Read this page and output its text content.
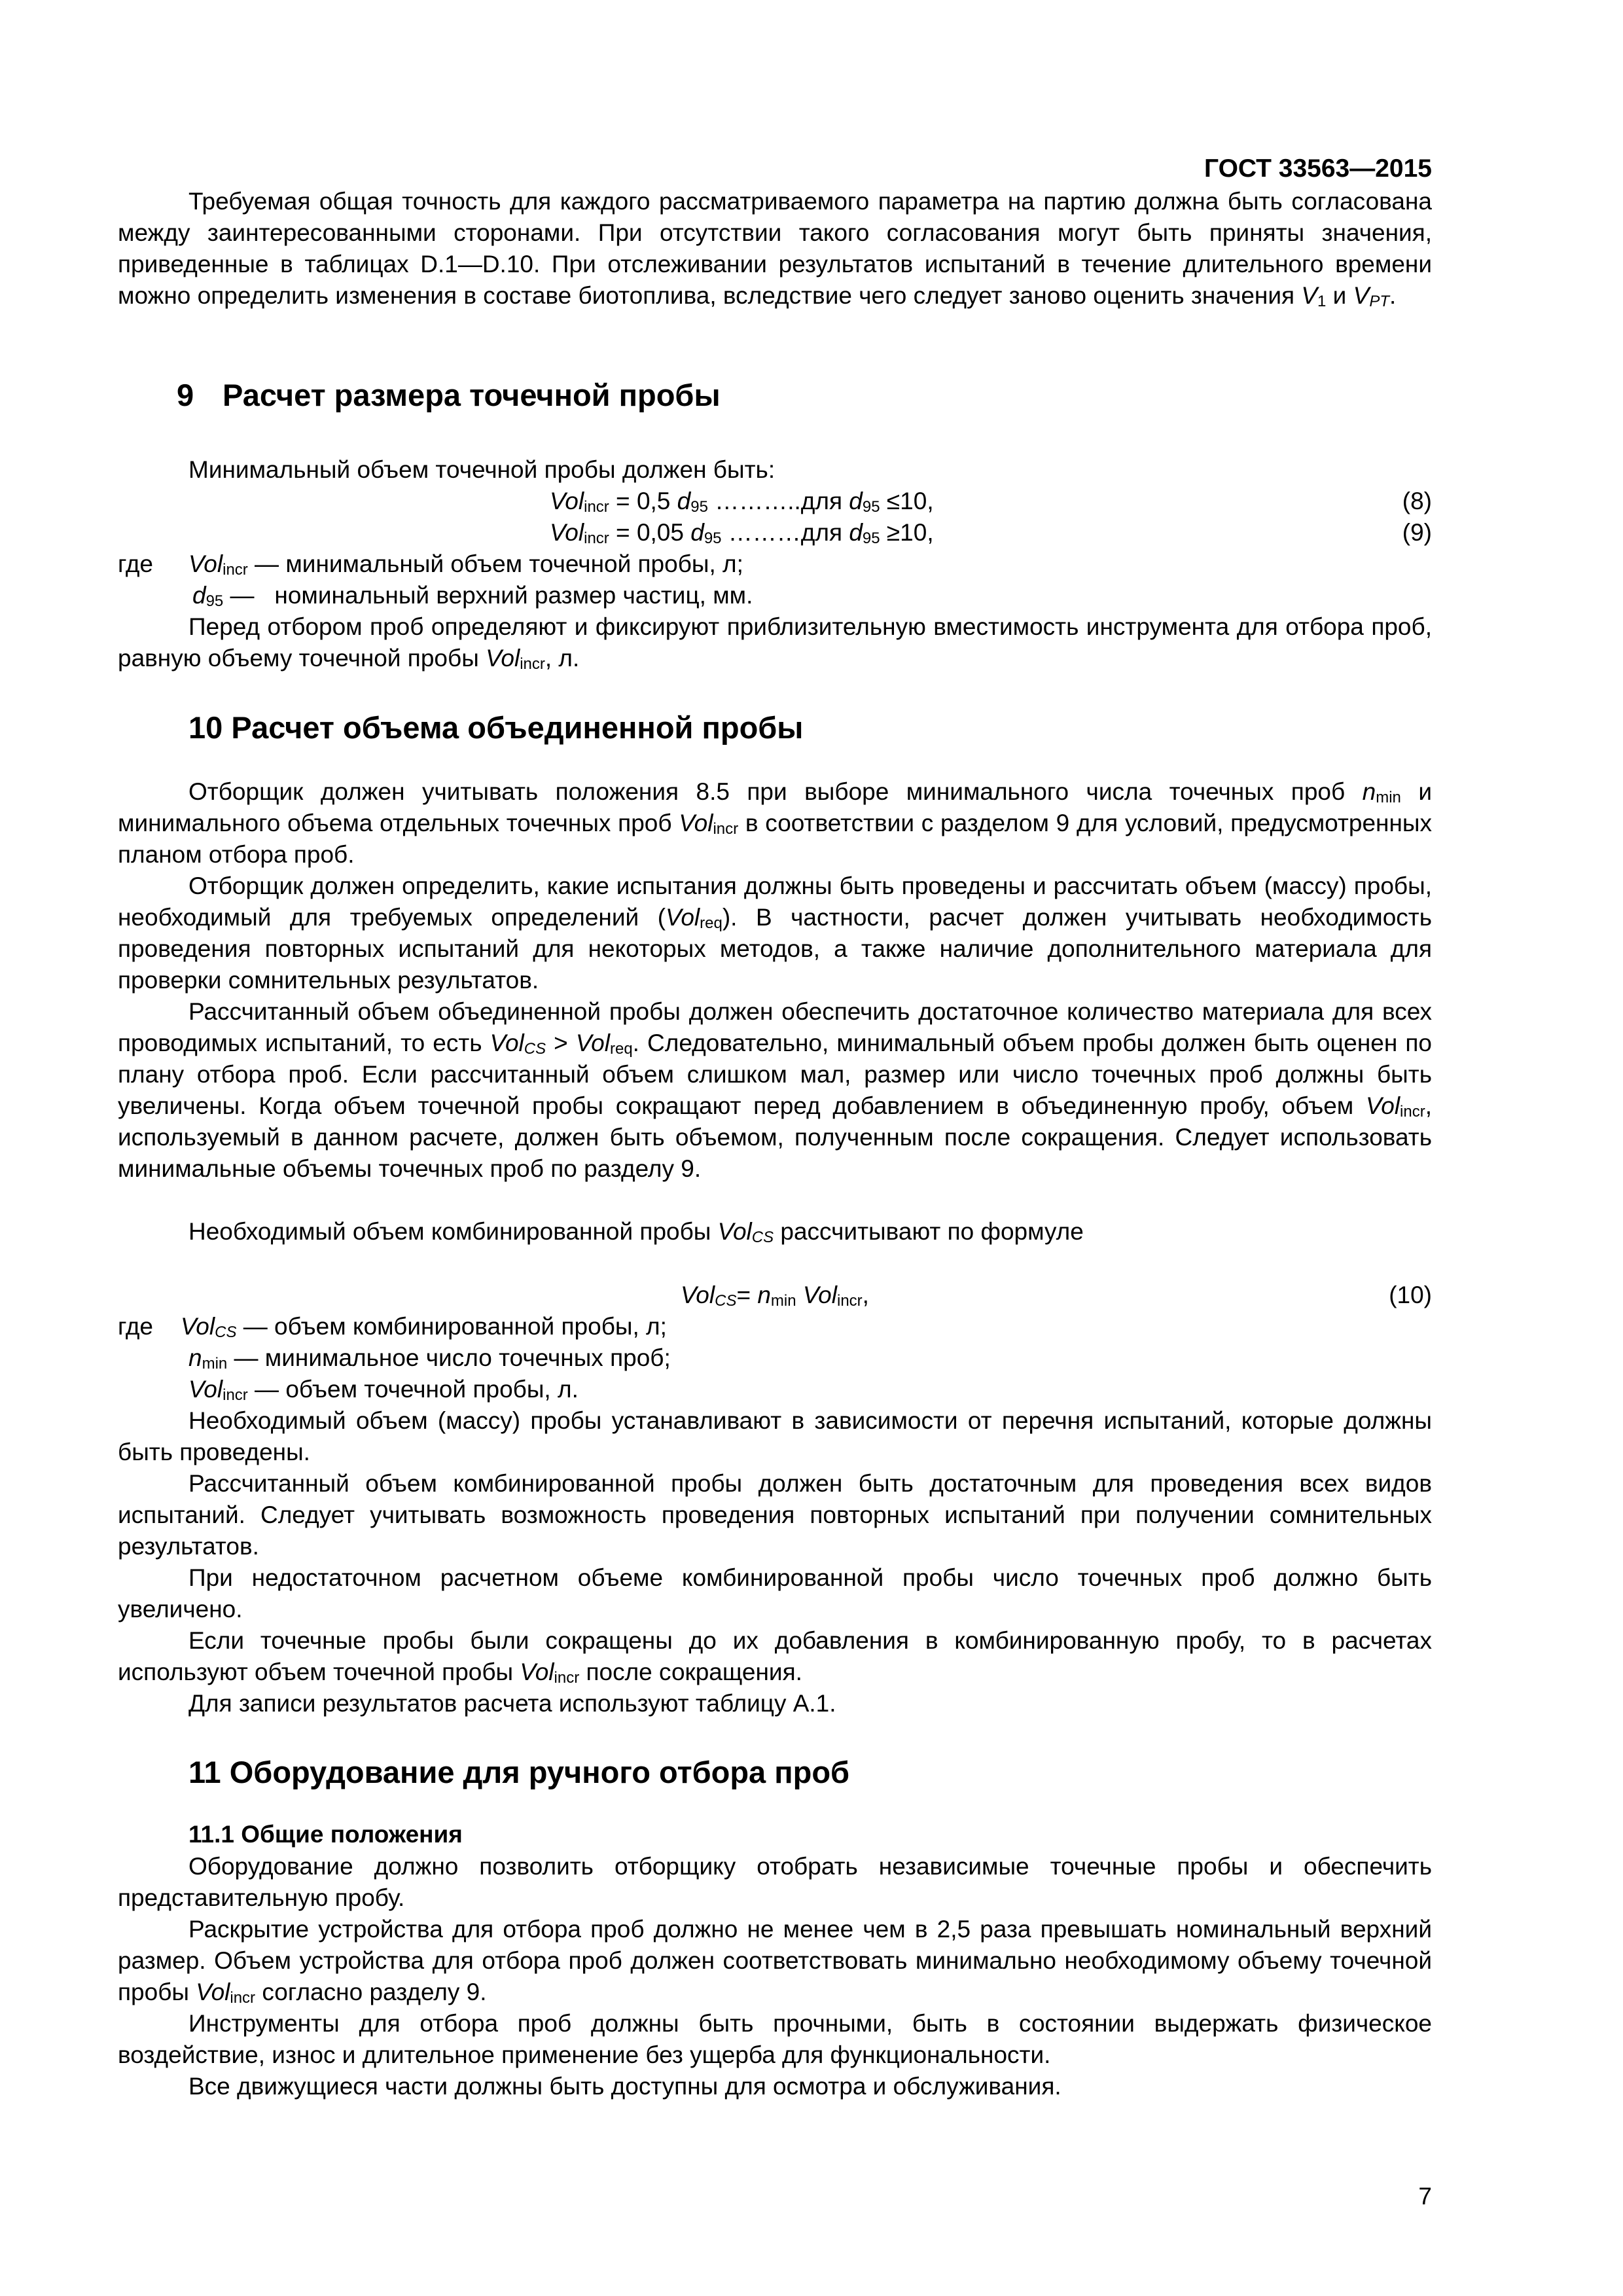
ГОСТ 33563—2015

Требуемая общая точность для каждого рассматриваемого параметра на партию должна быть согласована между заинтересованными сторонами. При отсутствии такого согласования могут быть приняты значения, приведенные в таблицах D.1—D.10. При отслеживании результатов испытаний в течение длительного времени можно определить изменения в составе биотоплива, вследствие чего следует заново оценить значения $V_1$ и $V_{PT}$.

9 Расчет размера точечной пробы
Минимальный объем точечной пробы должен быть:
Vol$_{incr}$ = 0,5 $d_{95}$ ………..для $d_{95} \le 10$,	(8)
Vol$_{incr}$ = 0,05 $d_{95}$ ………для $d_{95} \ge 10$,	(9)
где Vol$_{incr}$ — минимальный объем точечной пробы, л;
$d_{95}$ —   номинальный верхний размер частиц, мм.

Перед отбором проб определяют и фиксируют приблизительную вместимость инструмента для отбора проб, равную объему точечной пробы Vol$_{incr}$, л.

10 Расчет объема объединенной пробы

Отборщик должен учитывать положения 8.5 при выборе минимального числа точечных проб $n_{min}$ и минимального объема отдельных точечных проб Vol$_{incr}$ в соответствии с разделом 9 для условий, предусмотренных планом отбора проб.

Отборщик должен определить, какие испытания должны быть проведены и рассчитать объем (массу) пробы, необходимый для требуемых определений (Vol$_{req}$). В частности, расчет должен учитывать необходимость проведения повторных испытаний для некоторых методов, а также наличие дополнительного материала для проверки сомнительных результатов.

Рассчитанный объем объединенной пробы должен обеспечить достаточное количество материала для всех проводимых испытаний, то есть Vol$_{CS}$ > Vol$_{req}$. Следовательно, минимальный объем пробы должен быть оценен по плану отбора проб. Если рассчитанный объем слишком мал, размер или число точечных проб должны быть увеличены. Когда объем точечной пробы сокращают перед добавлением в объединенную пробу, объем Vol$_{incr}$, используемый в данном расчете, должен быть объемом, полученным после сокращения. Следует использовать минимальные объемы точечных проб по разделу 9.

Необходимый объем комбинированной пробы Vol$_{CS}$ рассчитывают по формуле
$Vol_{CS}= n_{min}$ Vol$_{incr}$,	(10)
где Vol$_{CS}$ — объем комбинированной пробы, л;
$n_{min}$ — минимальное число точечных проб;
Vol$_{incr}$ — объем точечной пробы, л.

Необходимый объем (массу) пробы устанавливают в зависимости от перечня испытаний, которые должны быть проведены.

Рассчитанный объем комбинированной пробы должен быть достаточным для проведения всех видов испытаний. Следует учитывать возможность проведения повторных испытаний при получении сомнительных результатов.

При недостаточном расчетном объеме комбинированной пробы число точечных проб должно быть увеличено.

Если точечные пробы были сокращены до их добавления в комбинированную пробу, то в расчетах используют объем точечной пробы Vol$_{incr}$ после сокращения.

Для записи результатов расчета используют таблицу А.1.

11 Оборудование для ручного отбора проб
11.1 Общие положения

Оборудование должно позволить отборщику отобрать независимые точечные пробы и обеспечить представительную пробу.

Раскрытие устройства для отбора проб должно не менее чем в 2,5 раза превышать номинальный верхний размер. Объем устройства для отбора проб должен соответствовать минимально необходимому объему точечной пробы Vol$_{incr}$ согласно разделу 9.

Инструменты для отбора проб должны быть прочными, быть в состоянии выдержать физическое воздействие, износ и длительное применение без ущерба для функциональности.

Все движущиеся части должны быть доступны для осмотра и обслуживания.

7
